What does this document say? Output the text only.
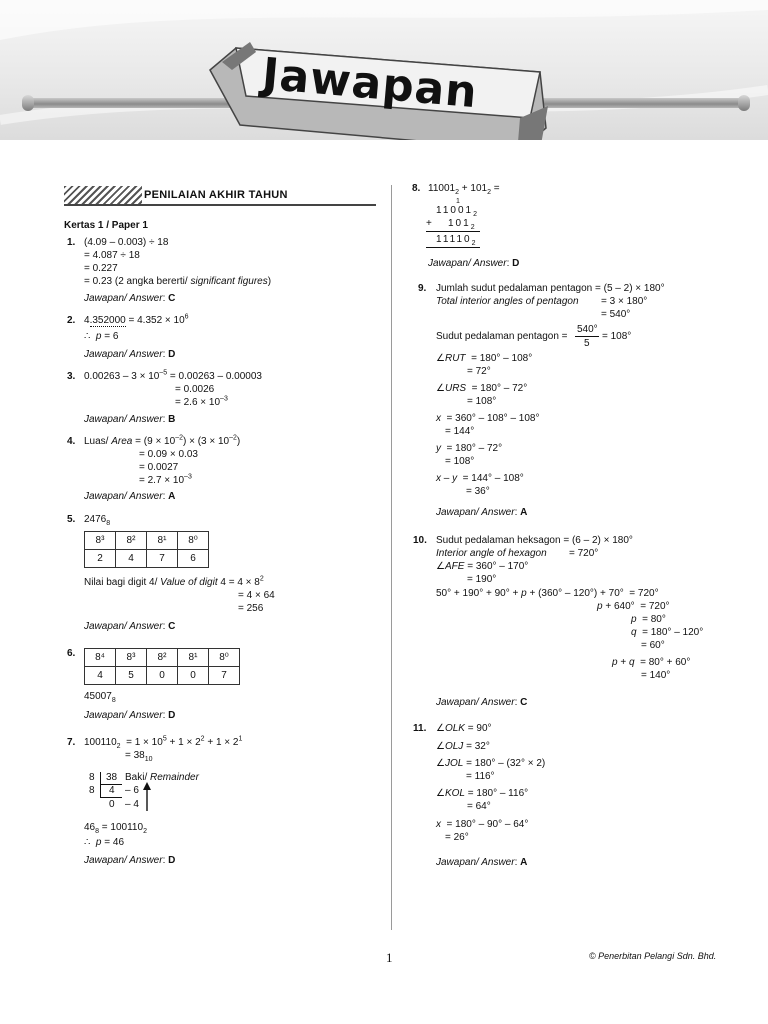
Jawapan
PENILAIAN AKHIR TAHUN
Kertas 1 / Paper 1
1. (4.09 – 0.003) ÷ 18
= 4.087 ÷ 18
= 0.227
= 0.23 (2 angka bererti/ significant figures)
Jawapan/ Answer: C
2. $4.352000 = 4.352 \times 10^6$
∴  p = 6
Jawapan/ Answer: D
3. $0.00263 - 3 \times 10^{-5} = 0.00263 - 0.00003$
= 0.0026
= $2.6 \times 10^{-3}$
Jawapan/ Answer: B
4. Luas/ Area = $(9 \times 10^{-2}) \times (3 \times 10^{-2})$
= 0.09 × 0.03
= 0.0027
= $2.7 \times 10^{-3}$
Jawapan/ Answer: A
5. $2476_8$
8³	8²	8¹	8⁰
2	4	7	6
Nilai bagi digit 4/ Value of digit $4 = 4 \times 8^2$
= 4 × 64
= 256
Jawapan/ Answer: C
6. 8⁴	8³	8²	8¹	8⁰
4	5	0	0	7
$45007_8$
Jawapan/ Answer: D
7. $100110_2 = 1 \times 10^5 + 1 \times 2^2 + 1 \times 2^1$
= $38_{10}$
8 38 Baki/ Remainder
8 4 – 6
0 – 4
$46_8 = 100110_2$
∴  p = 46
Jawapan/ Answer: D
8. $11001_2 + 101_2$ =
1
$11001_2$
+ $101_2$
$11110_2$
Jawapan/ Answer: D
9. Jumlah sudut pedalaman pentagon = (5 – 2) × 180°
Total interior angles of pentagon = 3 × 180°
= 540°
Sudut pedalaman pentagon =
540°
5
= 108°
∠RUT  = 180° – 108°
= 72°
∠URS  = 180° – 72°
= 108°
x  = 360° – 108° – 108°
= 144°
y  = 180° – 72°
= 108°
x – y  = 144° – 108°
= 36°
Jawapan/ Answer: A
10. Sudut pedalaman heksagon = (6 – 2) × 180°
Interior angle of hexagon = 720°
∠AFE = 360° – 170°
= 190°
50° + 190° + 90° + p + (360° – 120°) + 70°  = 720°
p + 640°  = 720°
p  = 80°
q  = 180° – 120°
= 60°
p + q  = 80° + 60°
= 140°
Jawapan/ Answer: C
11. ∠OLK = 90°
∠OLJ = 32°
∠JOL = 180° – (32° × 2)
= 116°
∠KOL = 180° – 116°
= 64°
x  = 180° – 90° – 64°
= 26°
Jawapan/ Answer: A
1	© Penerbitan Pelangi Sdn. Bhd.
